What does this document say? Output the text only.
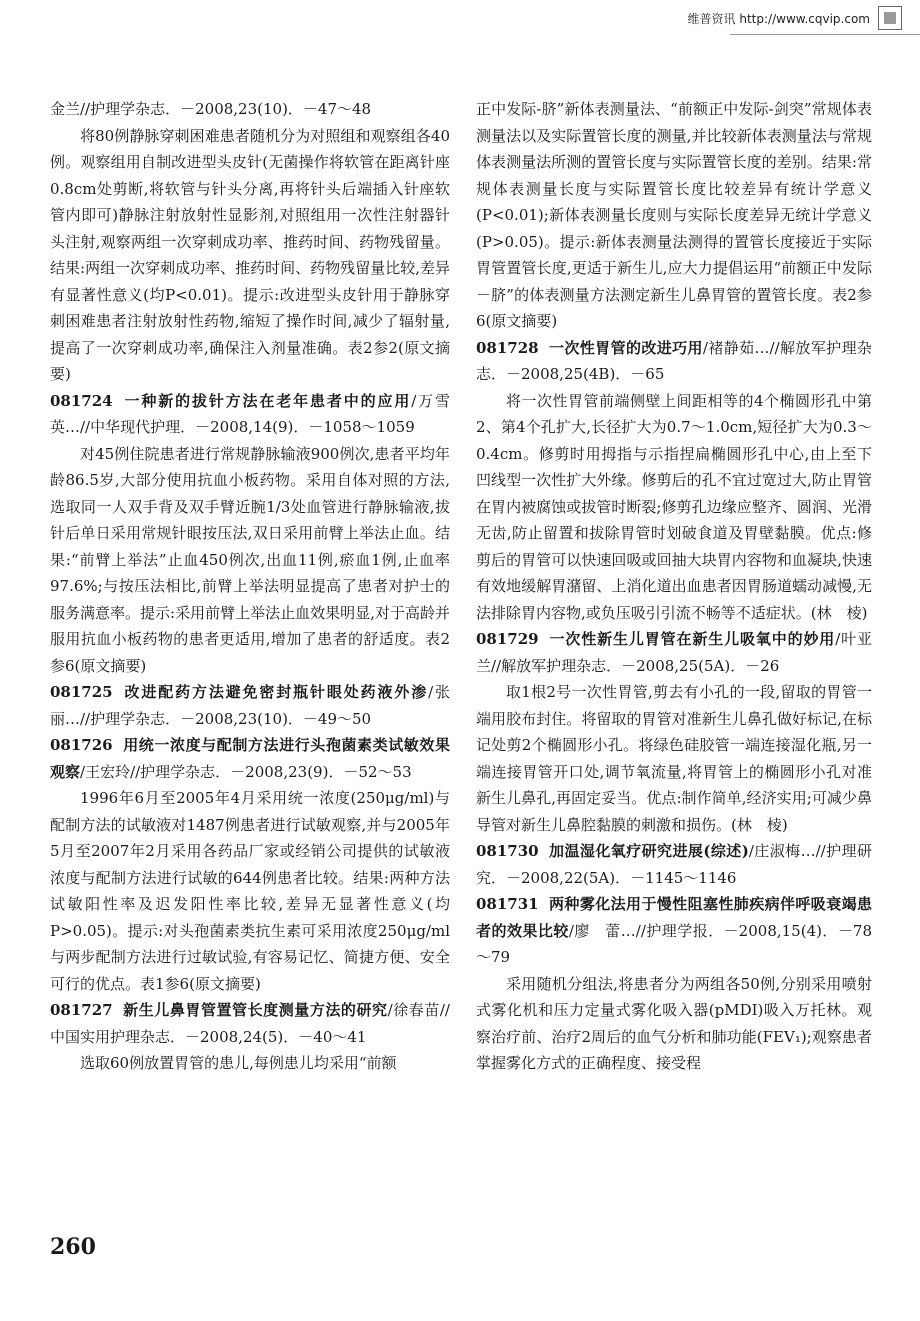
维普资讯 http://www.cqvip.com

金兰//护理学杂志．－2008,23(10)．－47～48

将80例静脉穿刺困难患者随机分为对照组和观察组各40例。观察组用自制改进型头皮针(无菌操作将软管在距离针座0.8cm处剪断,将软管与针头分离,再将针头后端插入针座软管内即可)静脉注射放射性显影剂,对照组用一次性注射器针头注射,观察两组一次穿刺成功率、推药时间、药物残留量。结果:两组一次穿刺成功率、推药时间、药物残留量比较,差异有显著性意义(均P<0.01)。提示:改进型头皮针用于静脉穿刺困难患者注射放射性药物,缩短了操作时间,减少了辐射量,提高了一次穿刺成功率,确保注入剂量准确。表2参2(原文摘要)

081724 一种新的拔针方法在老年患者中的应用/万雪英…//中华现代护理．－2008,14(9)．－1058～1059

对45例住院患者进行常规静脉输液900例次,患者平均年龄86.5岁,大部分使用抗血小板药物。采用自体对照的方法,选取同一人双手背及双手臂近腕1/3处血管进行静脉输液,拔针后单日采用常规针眼按压法,双日采用前臂上举法止血。结果:“前臂上举法”止血450例次,出血11例,瘀血1例,止血率97.6%;与按压法相比,前臂上举法明显提高了患者对护士的服务满意率。提示:采用前臂上举法止血效果明显,对于高龄并服用抗血小板药物的患者更适用,增加了患者的舒适度。表2参6(原文摘要)

081725 改进配药方法避免密封瓶针眼处药液外渗/张丽…//护理学杂志．－2008,23(10)．－49～50

081726 用统一浓度与配制方法进行头孢菌素类试敏效果观察/王宏玲//护理学杂志．－2008,23(9)．－52～53

1996年6月至2005年4月采用统一浓度(250μg/ml)与配制方法的试敏液对1487例患者进行试敏观察,并与2005年5月至2007年2月采用各药品厂家或经销公司提供的试敏液浓度与配制方法进行试敏的644例患者比较。结果:两种方法试敏阳性率及迟发阳性率比较,差异无显著性意义(均P>0.05)。提示:对头孢菌素类抗生素可采用浓度250μg/ml与两步配制方法进行过敏试验,有容易记忆、简捷方便、安全可行的优点。表1参6(原文摘要)

081727 新生儿鼻胃管置管长度测量方法的研究/徐春苗//中国实用护理杂志．－2008,24(5)．－40～41

选取60例放置胃管的患儿,每例患儿均采用“前额

正中发际-脐”新体表测量法、“前额正中发际-剑突”常规体表测量法以及实际置管长度的测量,并比较新体表测量法与常规体表测量法所测的置管长度与实际置管长度的差别。结果:常规体表测量长度与实际置管长度比较差异有统计学意义(P<0.01);新体表测量长度则与实际长度差异无统计学意义(P>0.05)。提示:新体表测量法测得的置管长度接近于实际胃管置管长度,更适于新生儿,应大力提倡运用“前额正中发际－脐”的体表测量方法测定新生儿鼻胃管的置管长度。表2参6(原文摘要)

081728 一次性胃管的改进巧用/褚静茹…//解放军护理杂志．－2008,25(4B)．－65

将一次性胃管前端侧壁上间距相等的4个椭圆形孔中第2、第4个孔扩大,长径扩大为0.7～1.0cm,短径扩大为0.3～0.4cm。修剪时用拇指与示指捏扁椭圆形孔中心,由上至下凹线型一次性扩大外缘。修剪后的孔不宜过宽过大,防止胃管在胃内被腐蚀或拔管时断裂;修剪孔边缘应整齐、圆润、光滑无齿,防止留置和拔除胃管时划破食道及胃壁黏膜。优点:修剪后的胃管可以快速回吸或回抽大块胃内容物和血凝块,快速有效地缓解胃潴留、上消化道出血患者因胃肠道蠕动减慢,无法排除胃内容物,或负压吸引引流不畅等不适症状。(林　棱)

081729 一次性新生儿胃管在新生儿吸氧中的妙用/叶亚兰//解放军护理杂志．－2008,25(5A)．－26

取1根2号一次性胃管,剪去有小孔的一段,留取的胃管一端用胶布封住。将留取的胃管对准新生儿鼻孔做好标记,在标记处剪2个椭圆形小孔。将绿色硅胶管一端连接湿化瓶,另一端连接胃管开口处,调节氧流量,将胃管上的椭圆形小孔对准新生儿鼻孔,再固定妥当。优点:制作简单,经济实用;可减少鼻导管对新生儿鼻腔黏膜的刺激和损伤。(林　棱)

081730 加温湿化氧疗研究进展(综述)/庄淑梅…//护理研究．－2008,22(5A)．－1145～1146

081731 两种雾化法用于慢性阻塞性肺疾病伴呼吸衰竭患者的效果比较/廖　蕾…//护理学报．－2008,15(4)．－78～79

采用随机分组法,将患者分为两组各50例,分别采用喷射式雾化机和压力定量式雾化吸入器(pMDI)吸入万托林。观察治疗前、治疗2周后的血气分析和肺功能(FEV₁);观察患者掌握雾化方式的正确程度、接受程

260
